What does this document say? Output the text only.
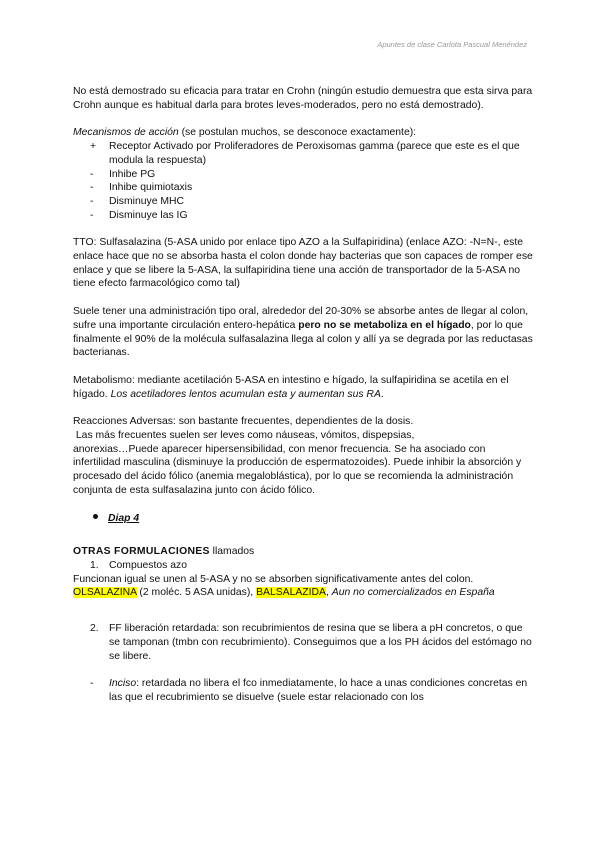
Apuntes de clase Carlota Pascual Menéndez

No está demostrado su eficacia para tratar en Crohn (ningún estudio demuestra que esta sirva para Crohn aunque es habitual darla para brotes leves-moderados, pero no está demostrado).

Mecanismos de acción (se postulan muchos, se desconoce exactamente):

+ Receptor Activado por Proliferadores de Peroxisomas gamma (parece que este es el que modula la respuesta)
- Inhibe PG
- Inhibe quimiotaxis
- Disminuye MHC
- Disminuye las IG

TTO: Sulfasalazina (5-ASA unido por enlace tipo AZO a la Sulfapiridina) (enlace AZO: -N=N-, este enlace hace que no se absorba hasta el colon donde hay bacterias que son capaces de romper ese enlace y que se libere la 5-ASA, la sulfapiridina tiene una acción de transportador de la 5-ASA no tiene efecto farmacológico como tal)

Suele tener una administración tipo oral, alrededor del 20-30% se absorbe antes de llegar al colon, sufre una importante circulación entero-hepática pero no se metaboliza en el hígado, por lo que finalmente el 90% de la molécula sulfasalazina llega al colon y allí ya se degrada por las reductasas bacterianas.

Metabolismo: mediante acetilación 5-ASA en intestino e hígado, la sulfapiridina se acetila en el hígado. Los acetiladores lentos acumulan esta y aumentan sus RA.

Reacciones Adversas: son bastante frecuentes, dependientes de la dosis.

Las más frecuentes suelen ser leves como náuseas, vómitos, dispepsias,

anorexias…Puede aparecer hipersensibilidad, con menor frecuencia. Se ha asociado con infertilidad masculina (disminuye la producción de espermatozoides). Puede inhibir la absorción y procesado del ácido fólico (anemia megaloblástica), por lo que se recomienda la administración conjunta de esta sulfasalazina junto con ácido fólico.

Diap 4

OTRAS FORMULACIONES llamados

1. Compuestos azo

Funcionan igual se unen al 5-ASA y no se absorben significativamente antes del colon.
OLSALAZINA (2 moléc. 5 ASA unidas), BALSALAZIDA, Aun no comercializados en España

2. FF liberación retardada: son recubrimientos de resina que se libera a pH concretos, o que se tamponan (tmbn con recubrimiento). Conseguimos que a los PH ácidos del estómago no se libere.
- Inciso: retardada no libera el fco inmediatamente, lo hace a unas condiciones concretas en las que el recubrimiento se disuelve (suele estar relacionado con los
